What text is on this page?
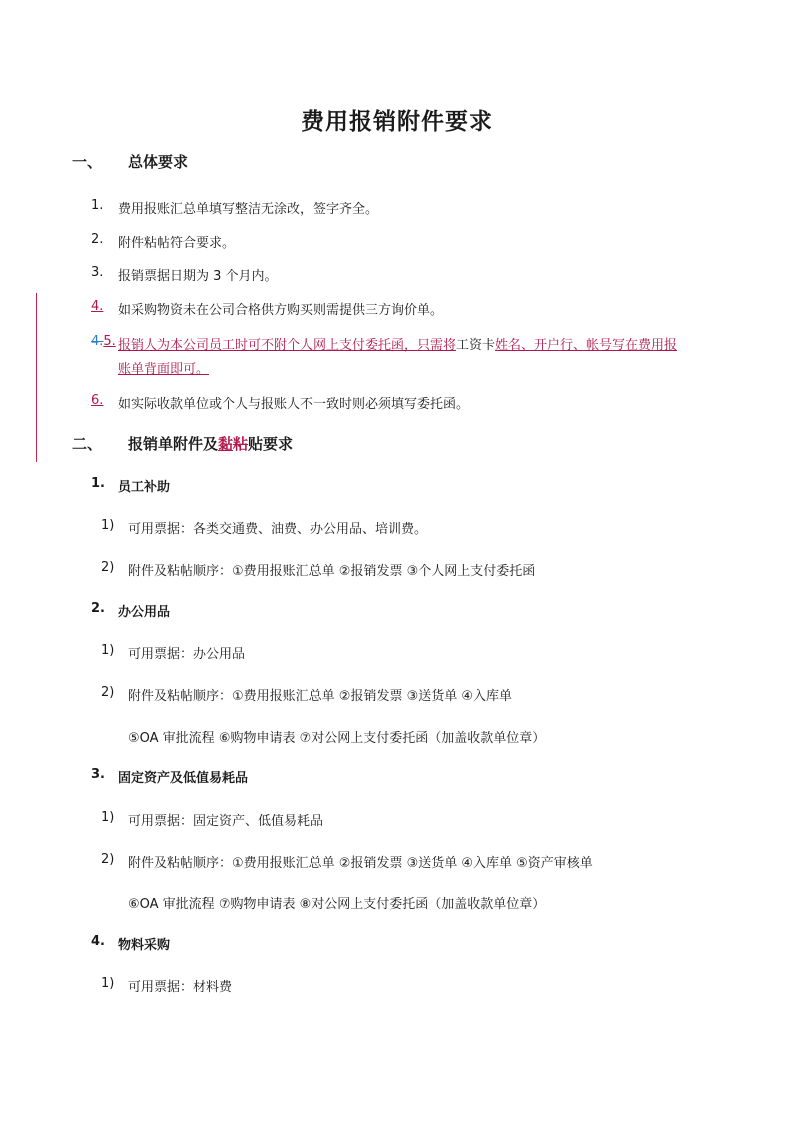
费用报销附件要求
一、 总体要求
1. 费用报账汇总单填写整洁无涂改，签字齐全。
2. 附件粘帖符合要求。
3. 报销票据日期为 3 个月内。
4. 如采购物资未在公司合格供方购买则需提供三方询价单。
4.5. 报销人为本公司员工时可不附个人网上支付委托函，只需将工资卡姓名、开户行、帐号写在费用报
账单背面即可。
6. 如实际收款单位或个人与报账人不一致时则必须填写委托函。
二、 报销单附件及黏粘贴要求
1. 员工补助
1) 可用票据：各类交通费、油费、办公用品、培训费。
2) 附件及粘帖顺序：①费用报账汇总单 ②报销发票 ③个人网上支付委托函
2. 办公用品
1) 可用票据：办公用品
2) 附件及粘帖顺序：①费用报账汇总单 ②报销发票 ③送货单 ④入库单
⑤OA 审批流程 ⑥购物申请表 ⑦对公网上支付委托函（加盖收款单位章）
3. 固定资产及低值易耗品
1) 可用票据：固定资产、低值易耗品
2) 附件及粘帖顺序：①费用报账汇总单 ②报销发票 ③送货单 ④入库单 ⑤资产审核单
⑥OA 审批流程 ⑦购物申请表 ⑧对公网上支付委托函（加盖收款单位章）
4. 物料采购
1) 可用票据：材料费
